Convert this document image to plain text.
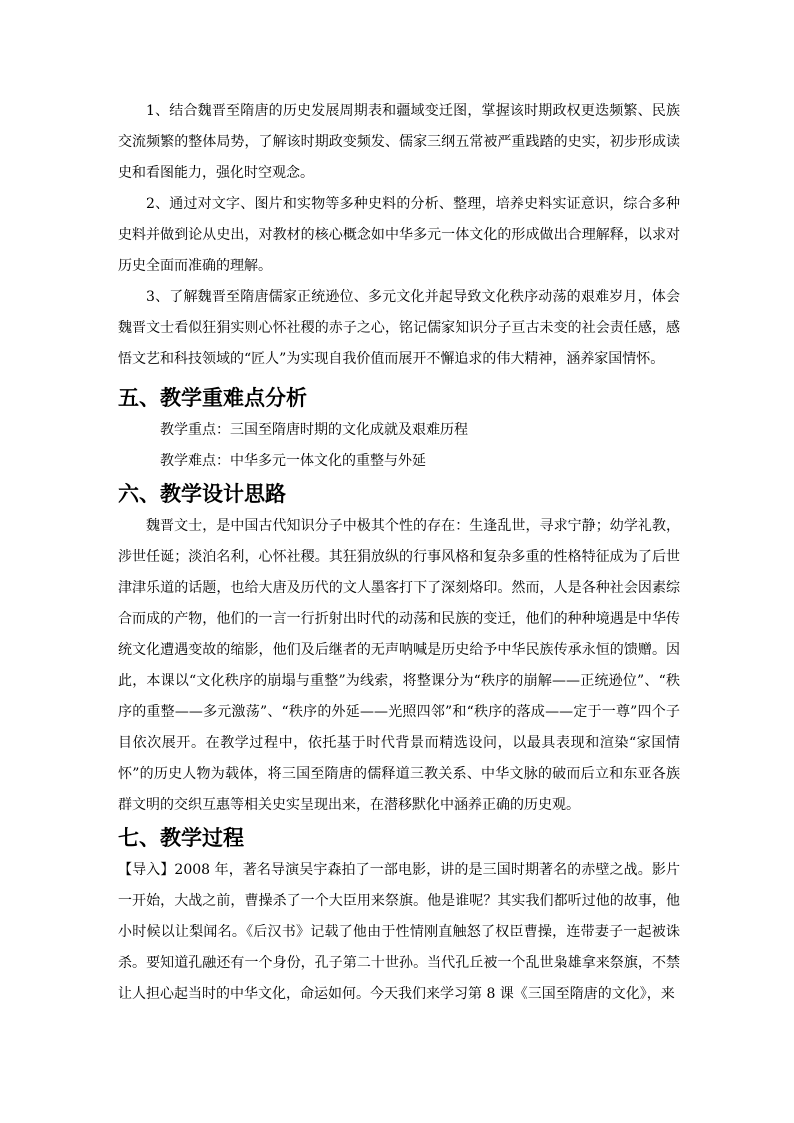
1、结合魏晋至隋唐的历史发展周期表和疆域变迁图，掌握该时期政权更迭频繁、民族交流频繁的整体局势，了解该时期政变频发、儒家三纲五常被严重践踏的史实，初步形成读史和看图能力，强化时空观念。

2、通过对文字、图片和实物等多种史料的分析、整理，培养史料实证意识，综合多种史料并做到论从史出，对教材的核心概念如中华多元一体文化的形成做出合理解释，以求对历史全面而准确的理解。

3、了解魏晋至隋唐儒家正统逊位、多元文化并起导致文化秩序动荡的艰难岁月，体会魏晋文士看似狂狷实则心怀社稷的赤子之心，铭记儒家知识分子亘古未变的社会责任感，感悟文艺和科技领域的“匠人”为实现自我价值而展开不懈追求的伟大精神，涵养家国情怀。

五、教学重难点分析

教学重点：三国至隋唐时期的文化成就及艰难历程

教学难点：中华多元一体文化的重整与外延

六、教学设计思路

魏晋文士，是中国古代知识分子中极其个性的存在：生逢乱世，寻求宁静；幼学礼教，涉世任诞；淡泊名利，心怀社稷。其狂狷放纵的行事风格和复杂多重的性格特征成为了后世津津乐道的话题，也给大唐及历代的文人墨客打下了深刻烙印。然而，人是各种社会因素综合而成的产物，他们的一言一行折射出时代的动荡和民族的变迁，他们的种种境遇是中华传统文化遭遇变故的缩影，他们及后继者的无声呐喊是历史给予中华民族传承永恒的馈赠。因此，本课以“文化秩序的崩塌与重整”为线索，将整课分为“秩序的崩解——正统逊位”、“秩序的重整——多元激荡”、“秩序的外延——光照四邻”和“秩序的落成——定于一尊”四个子目依次展开。在教学过程中，依托基于时代背景而精选设问，以最具表现和渲染“家国情怀”的历史人物为载体，将三国至隋唐的儒释道三教关系、中华文脉的破而后立和东亚各族群文明的交织互惠等相关史实呈现出来，在潜移默化中涵养正确的历史观。

七、教学过程

【导入】2008 年，著名导演吴宇森拍了一部电影，讲的是三国时期著名的赤壁之战。影片一开始，大战之前，曹操杀了一个大臣用来祭旗。他是谁呢？其实我们都听过他的故事，他小时候以让梨闻名。《后汉书》记载了他由于性情刚直触怒了权臣曹操，连带妻子一起被诛杀。要知道孔融还有一个身份，孔子第二十世孙。当代孔丘被一个乱世枭雄拿来祭旗，不禁让人担心起当时的中华文化，命运如何。今天我们来学习第 8 课《三国至隋唐的文化》，来
